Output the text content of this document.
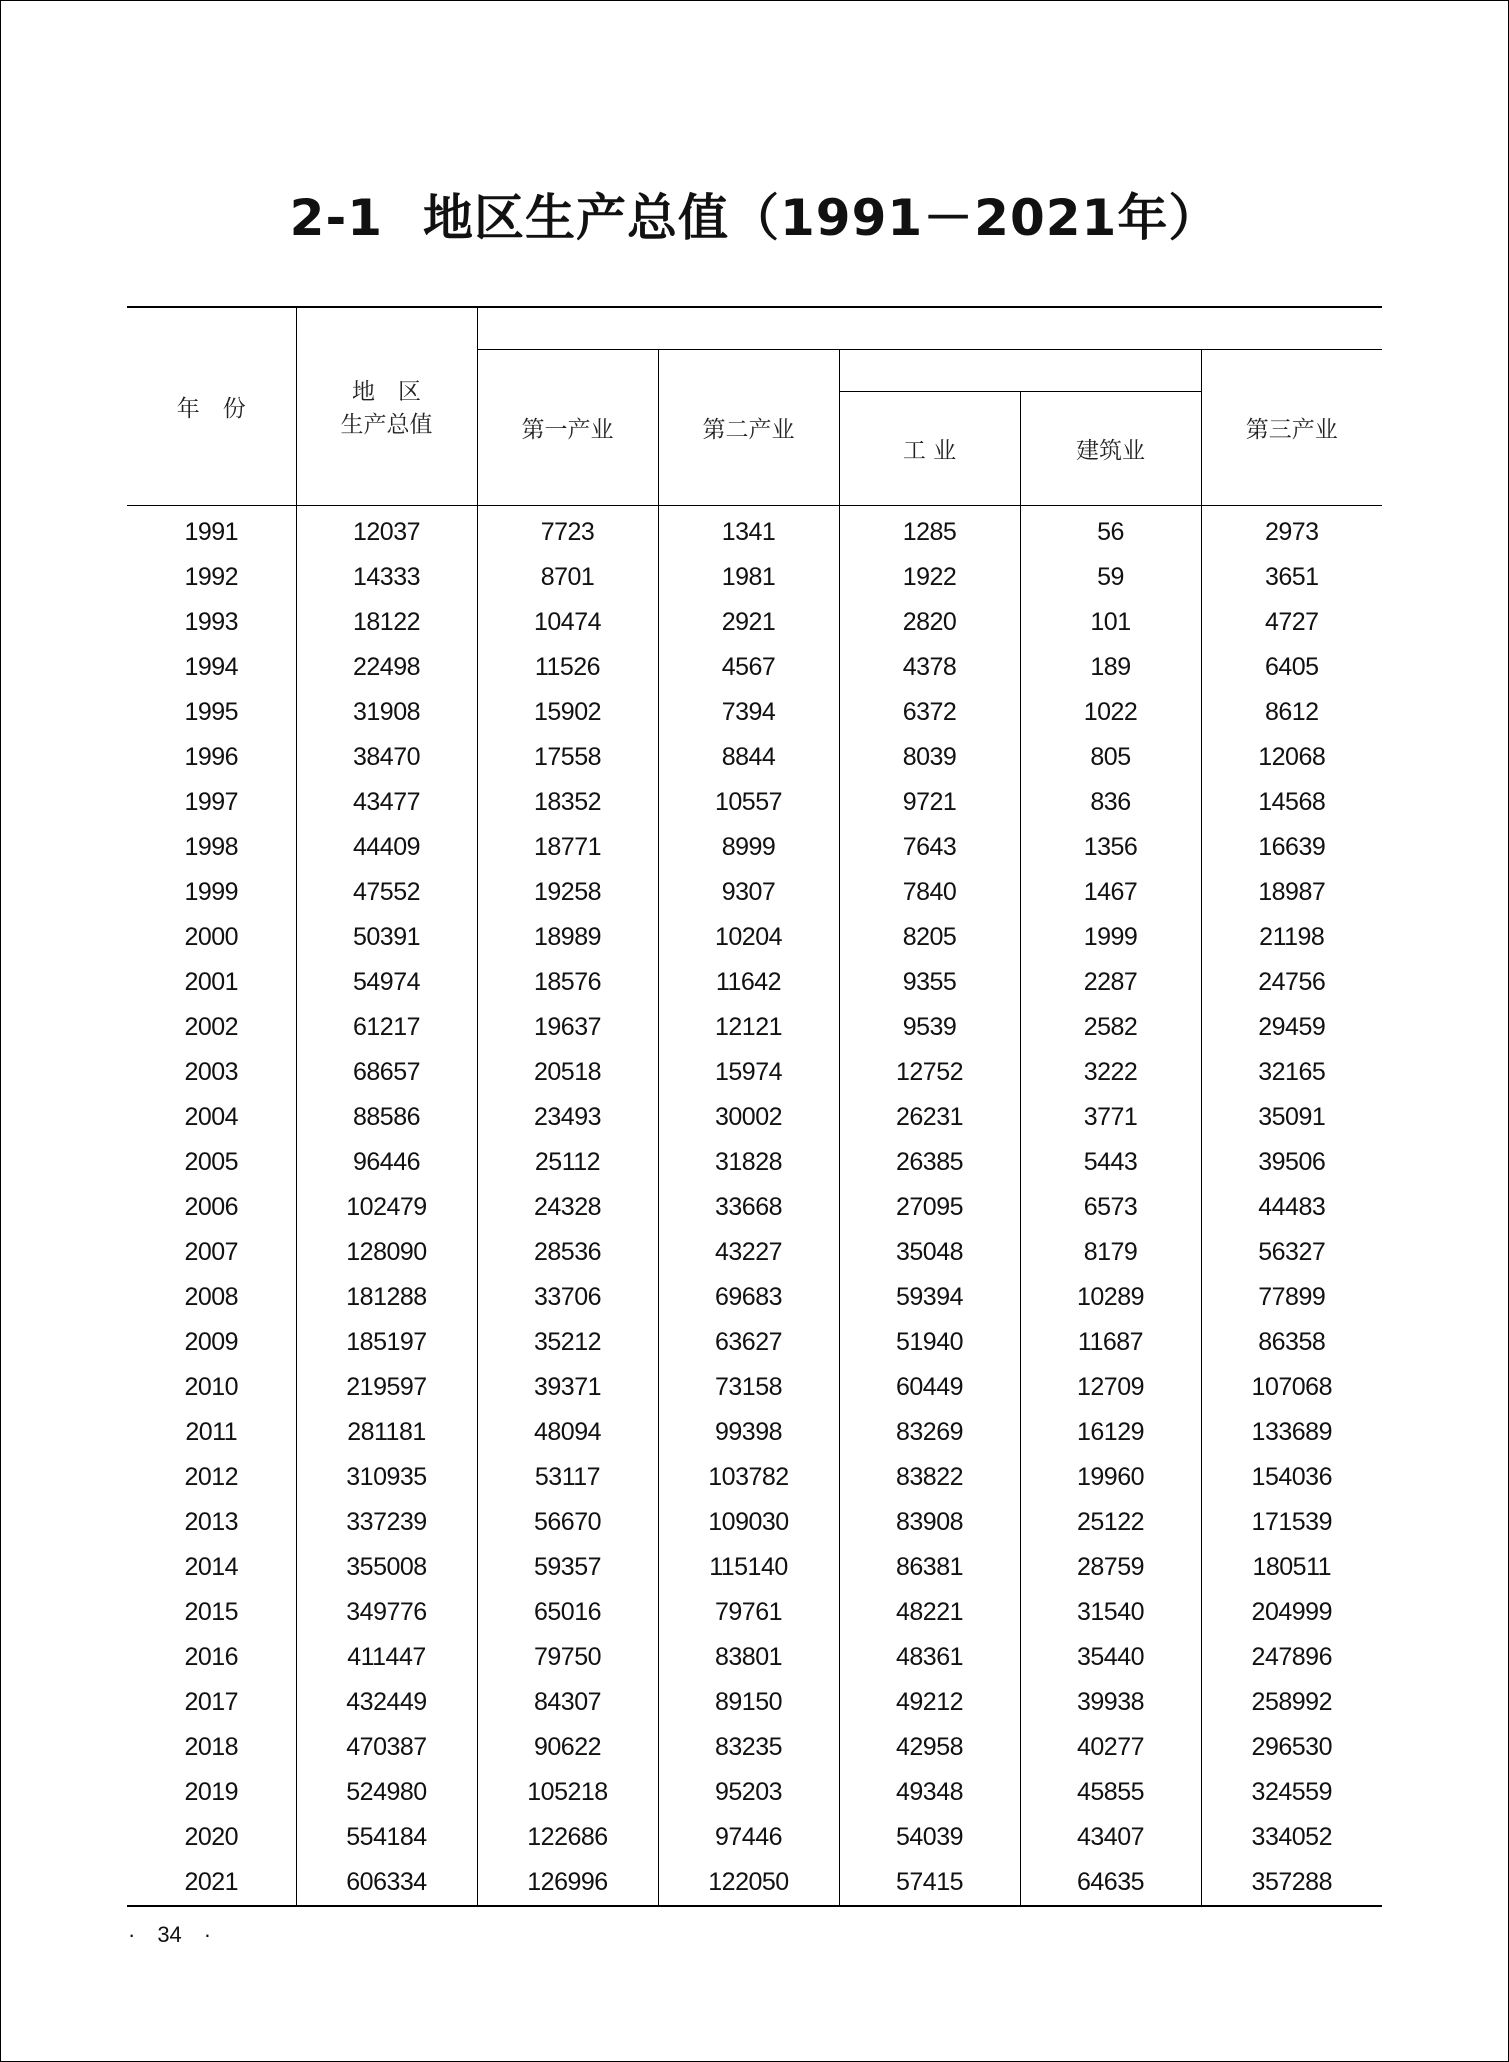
2-1 地区生产总值（1991－2021年）
年　份	地　区
生产总值					

		第一产业	第二产业			第三产业
				工 业	建筑业	
1991	12037	7723	1341	1285	56	2973
1992	14333	8701	1981	1922	59	3651
1993	18122	10474	2921	2820	101	4727
1994	22498	11526	4567	4378	189	6405
1995	31908	15902	7394	6372	1022	8612
1996	38470	17558	8844	8039	805	12068
1997	43477	18352	10557	9721	836	14568
1998	44409	18771	8999	7643	1356	16639
1999	47552	19258	9307	7840	1467	18987
2000	50391	18989	10204	8205	1999	21198
2001	54974	18576	11642	9355	2287	24756
2002	61217	19637	12121	9539	2582	29459
2003	68657	20518	15974	12752	3222	32165
2004	88586	23493	30002	26231	3771	35091
2005	96446	25112	31828	26385	5443	39506
2006	102479	24328	33668	27095	6573	44483
2007	128090	28536	43227	35048	8179	56327
2008	181288	33706	69683	59394	10289	77899
2009	185197	35212	63627	51940	11687	86358
2010	219597	39371	73158	60449	12709	107068
2011	281181	48094	99398	83269	16129	133689
2012	310935	53117	103782	83822	19960	154036
2013	337239	56670	109030	83908	25122	171539
2014	355008	59357	115140	86381	28759	180511
2015	349776	65016	79761	48221	31540	204999
2016	411447	79750	83801	48361	35440	247896
2017	432449	84307	89150	49212	39938	258992
2018	470387	90622	83235	42958	40277	296530
2019	524980	105218	95203	49348	45855	324559
2020	554184	122686	97446	54039	43407	334052
2021	606334	126996	122050	57415	64635	357288
·　34　·
